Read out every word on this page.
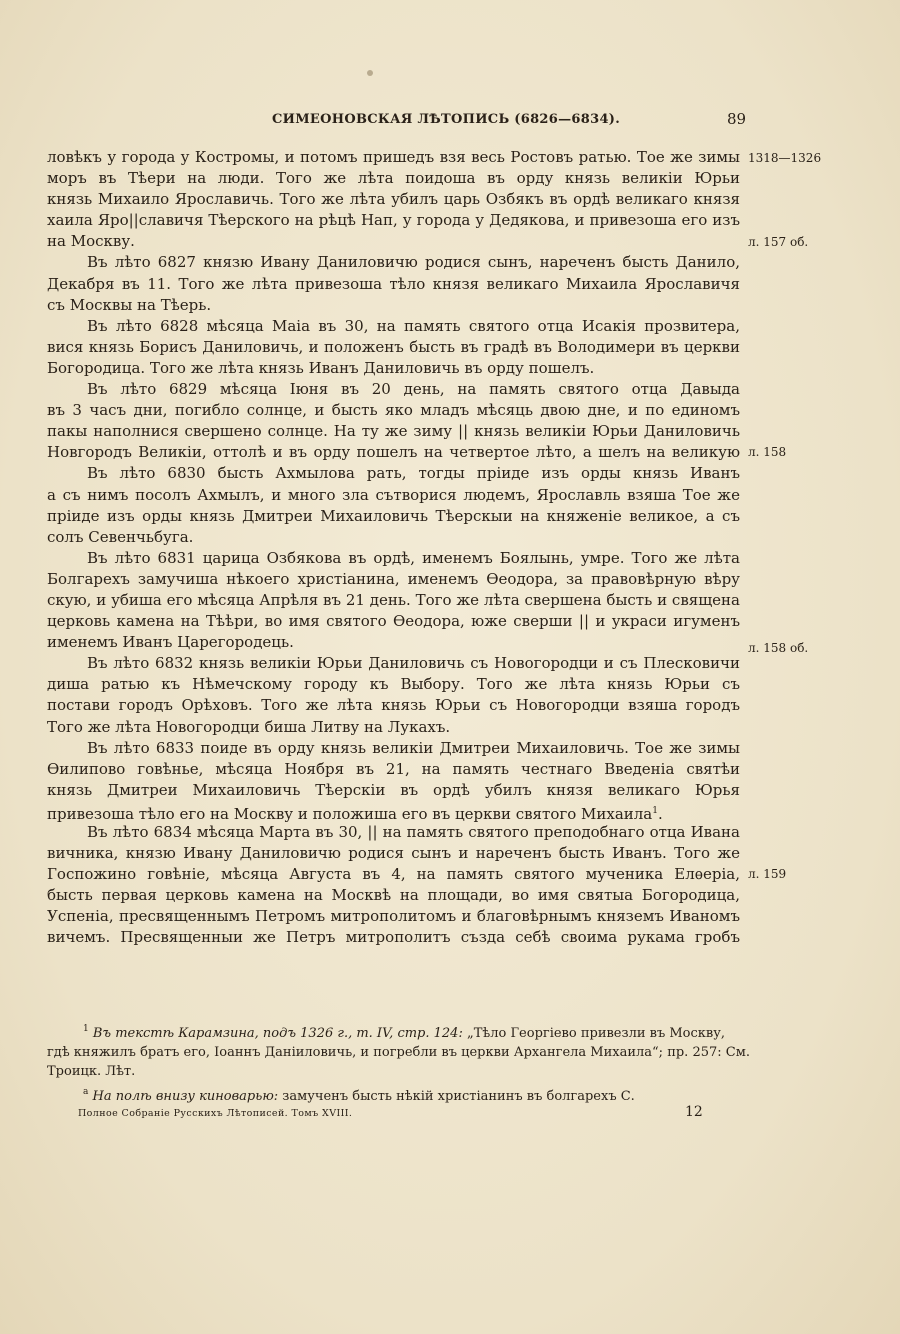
СИМЕОНОВСКАЯ ЛѢТОПИСЬ (6826—6834).	89
ловѣкъ у города у Костромы, и потомъ пришедъ взя весь Ростовъ ратью. Тое же зимы
моръ въ Тѣери на люди. Того же лѣта поидоша въ орду князь великіи Юрьи
князь Михаило Ярославичь. Того же лѣта убилъ царь Озбякъ въ ордѣ великаго князя
хаила Яро||славичя Тѣерского на рѣцѣ Нап, у города у Дедякова, и привезоша его изъ
на Москву.
Въ лѣто 6827 князю Ивану Даниловичю родися сынъ, нареченъ бысть Данило,
Декабря въ 11. Того же лѣта привезоша тѣло князя великаго Михаила Ярославичя
съ Москвы на Тѣерь.
Въ лѣто 6828 мѣсяца Маіа въ 30, на память святого отца Исакія прозвитера,
вися князь Борисъ Даниловичь, и положенъ бысть въ градѣ въ Володимери въ церкви
Богородица. Того же лѣта князь Иванъ Даниловичь въ орду пошелъ.
Въ лѣто 6829 мѣсяца Іюня въ 20 день, на память святого отца Давыда
въ 3 часъ дни, погибло солнце, и бысть яко младъ мѣсяць двою дне, и по единомъ
пакы наполнися свершено солнце. На ту же зиму || князь великіи Юрьи Даниловичь
Новгородъ Великіи, оттолѣ и въ орду пошелъ на четвертое лѣто, а шелъ на великую
Въ лѣто 6830 бысть Ахмылова рать, тогды пріиде изъ орды князь Иванъ
а съ нимъ посолъ Ахмылъ, и много зла сътворися людемъ, Ярославль взяша Тое же
пріиде изъ орды князь Дмитреи Михаиловичь Тѣерскыи на княженіе великое, а съ
солъ Севенчьбуга.
Въ лѣто 6831 царица Озбякова въ ордѣ, именемъ Боялынь, умре. Того же лѣта
Болгарехъ замучиша нѣкоего христіанина, именемъ Ѳеодора, за правовѣрную вѣру
скую, и убиша его мѣсяца Апрѣля въ 21 день. Того же лѣта свершена бысть и священа
церковь камена на Тѣѣри, во имя святого Ѳеодора, юже сверши || и украси игуменъ
именемъ Иванъ Царегородець.
Въ лѣто 6832 князь великіи Юрьи Даниловичь съ Новогородци и съ Плесковичи
диша ратью къ Нѣмечскому городу къ Выбору. Того же лѣта князь Юрьи съ
постави городъ Орѣховъ. Того же лѣта князь Юрьи съ Новогородци взяша городъ
Того же лѣта Новогородци биша Литву на Лукахъ.
Въ лѣто 6833 поиде въ орду князь великіи Дмитреи Михаиловичь. Тое же зимы
Ѳилипово говѣнье, мѣсяца Ноября въ 21, на память честнаго Введеніа святѣи
князь Дмитреи Михаиловичь Тѣерскіи въ ордѣ убилъ князя великаго Юрья
привезоша тѣло его на Москву и положиша его въ церкви святого Михаила$^1$.
Въ лѣто 6834 мѣсяца Марта въ 30, || на память святого преподобнаго отца Ивана
вичника, князю Ивану Даниловичю родися сынъ и нареченъ бысть Иванъ. Того же
Госпожино говѣніе, мѣсяца Августа въ 4, на память святого мученика Елѳеріа,
бысть первая церковь камена на Москвѣ на площади, во имя святыа Богородица,
Успеніа, пресвященнымъ Петромъ митрополитомъ и благовѣрнымъ княземъ Иваномъ
вичемъ. Пресвященныи же Петръ митрополитъ създа себѣ своима рукама гробъ
1318—1326
л. 157 об.
л. 158
л. 158 об.
л. 159
$^1$ Въ текстѣ Карамзина, подъ 1326 г., т. IV, стр. 124: „Тѣло Георгіево привезли въ Москву,
гдѣ княжилъ братъ его, Іоаннъ Даніиловичь, и погребли въ церкви Архангела Михаила“; пр. 257: См.
Троицк. Лѣт.
$^а$ На полѣ внизу киноварью: замученъ бысть нѣкій христіанинъ въ болгарехъ С.
Полное Собраніе Русскихъ Лѣтописей. Томъ XVIII.	12
